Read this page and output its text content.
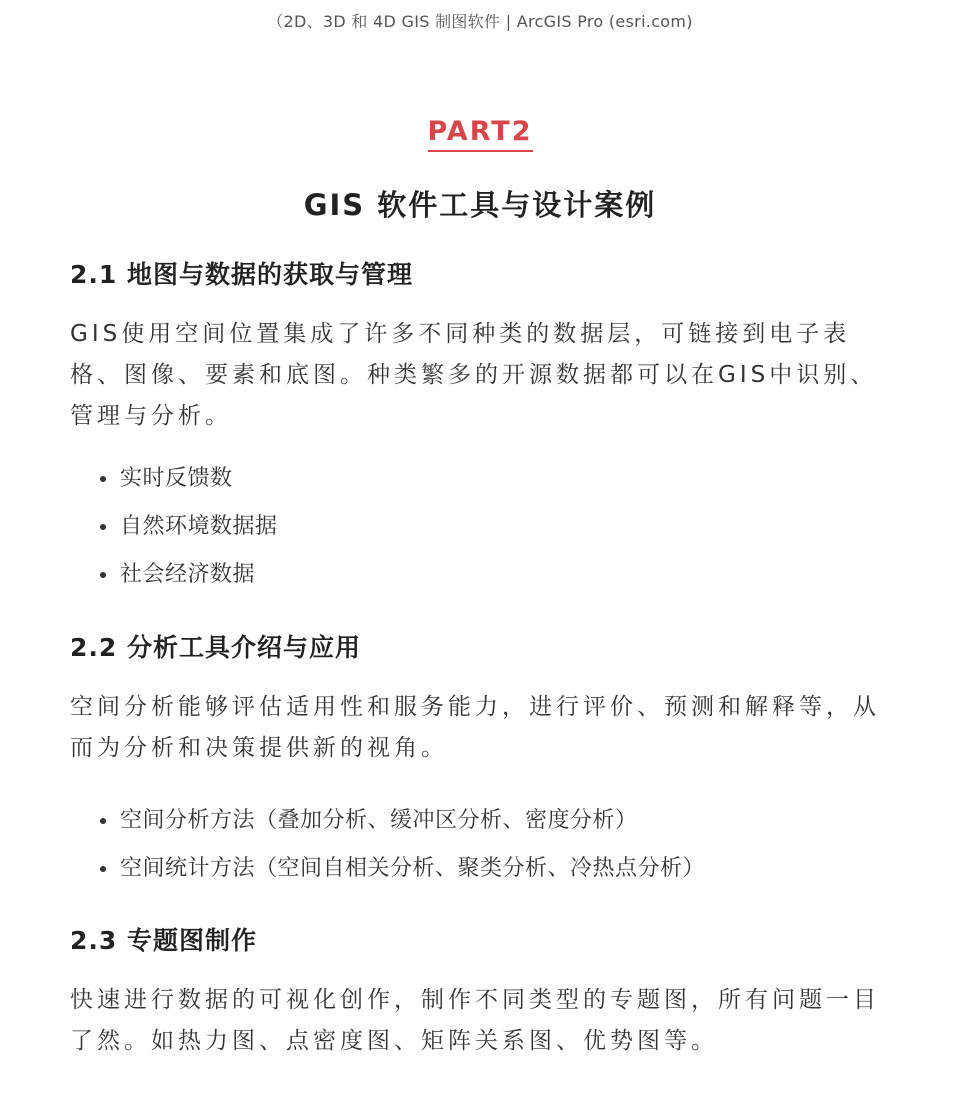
（2D、3D 和 4D GIS 制图软件 | ArcGIS Pro (esri.com)
PART2
GIS 软件工具与设计案例
2.1 地图与数据的获取与管理
GIS使用空间位置集成了许多不同种类的数据层，可链接到电子表格、图像、要素和底图。种类繁多的开源数据都可以在GIS中识别、管理与分析。
实时反馈数
自然环境数据据
社会经济数据
2.2 分析工具介绍与应用
空间分析能够评估适用性和服务能力，进行评价、预测和解释等，从而为分析和决策提供新的视角。
空间分析方法（叠加分析、缓冲区分析、密度分析）
空间统计方法（空间自相关分析、聚类分析、冷热点分析）
2.3 专题图制作
快速进行数据的可视化创作，制作不同类型的专题图，所有问题一目了然。如热力图、点密度图、矩阵关系图、优势图等。
